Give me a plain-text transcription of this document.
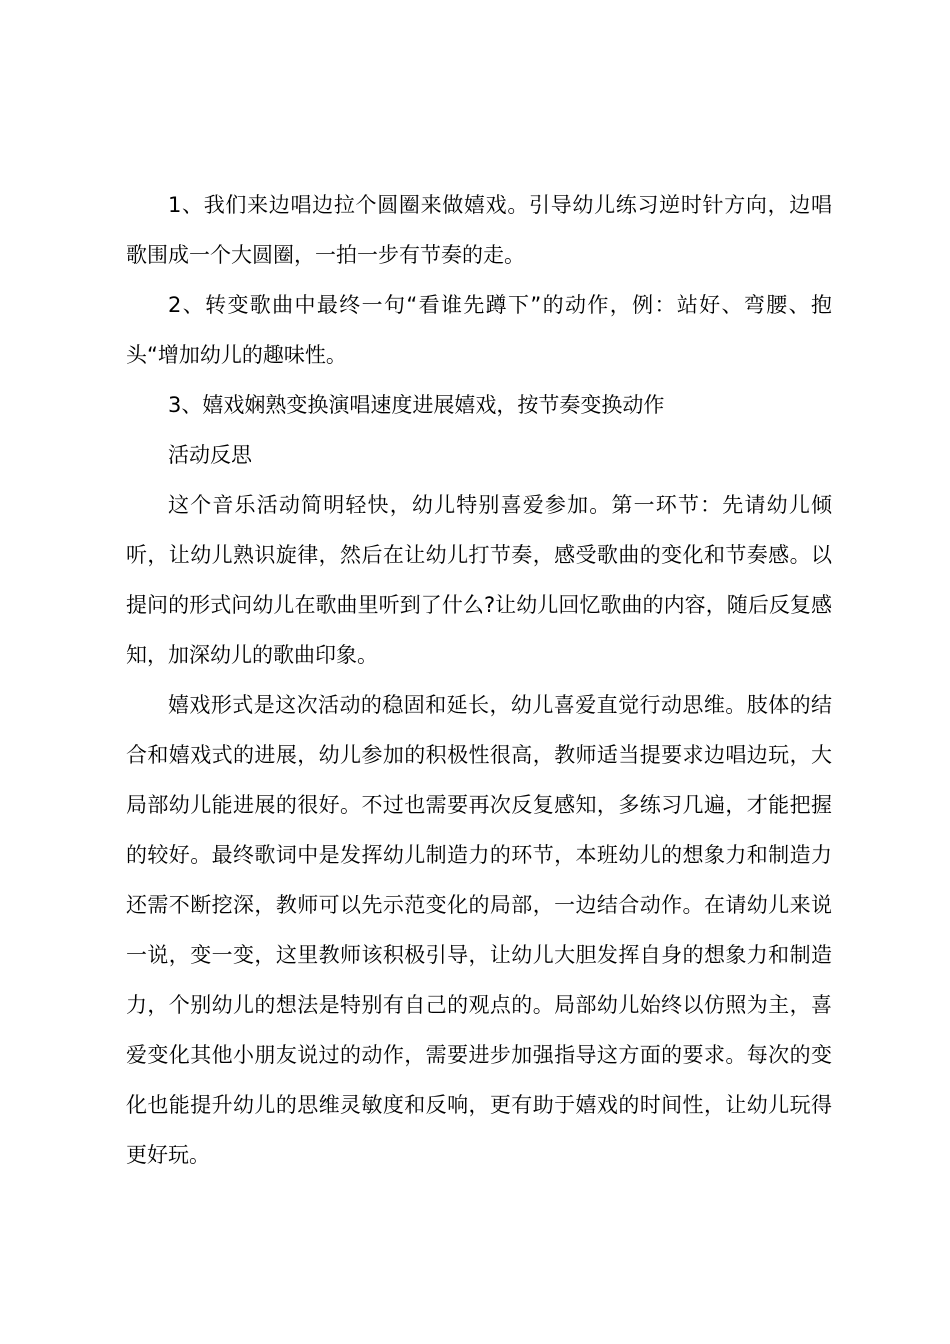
1、我们来边唱边拉个圆圈来做嬉戏。引导幼儿练习逆时针方向，边唱歌围成一个大圆圈，一拍一步有节奏的走。

2、转变歌曲中最终一句“看谁先蹲下”的动作，例：站好、弯腰、抱头“增加幼儿的趣味性。

3、嬉戏娴熟变换演唱速度进展嬉戏，按节奏变换动作

活动反思

这个音乐活动简明轻快，幼儿特别喜爱参加。第一环节：先请幼儿倾听，让幼儿熟识旋律，然后在让幼儿打节奏，感受歌曲的变化和节奏感。以提问的形式问幼儿在歌曲里听到了什么?让幼儿回忆歌曲的内容，随后反复感知，加深幼儿的歌曲印象。

嬉戏形式是这次活动的稳固和延长，幼儿喜爱直觉行动思维。肢体的结合和嬉戏式的进展，幼儿参加的积极性很高，教师适当提要求边唱边玩，大局部幼儿能进展的很好。不过也需要再次反复感知，多练习几遍，才能把握的较好。最终歌词中是发挥幼儿制造力的环节，本班幼儿的想象力和制造力还需不断挖深，教师可以先示范变化的局部，一边结合动作。在请幼儿来说一说，变一变，这里教师该积极引导，让幼儿大胆发挥自身的想象力和制造力，个别幼儿的想法是特别有自己的观点的。局部幼儿始终以仿照为主，喜爱变化其他小朋友说过的动作，需要进步加强指导这方面的要求。每次的变化也能提升幼儿的思维灵敏度和反响，更有助于嬉戏的时间性，让幼儿玩得更好玩。
